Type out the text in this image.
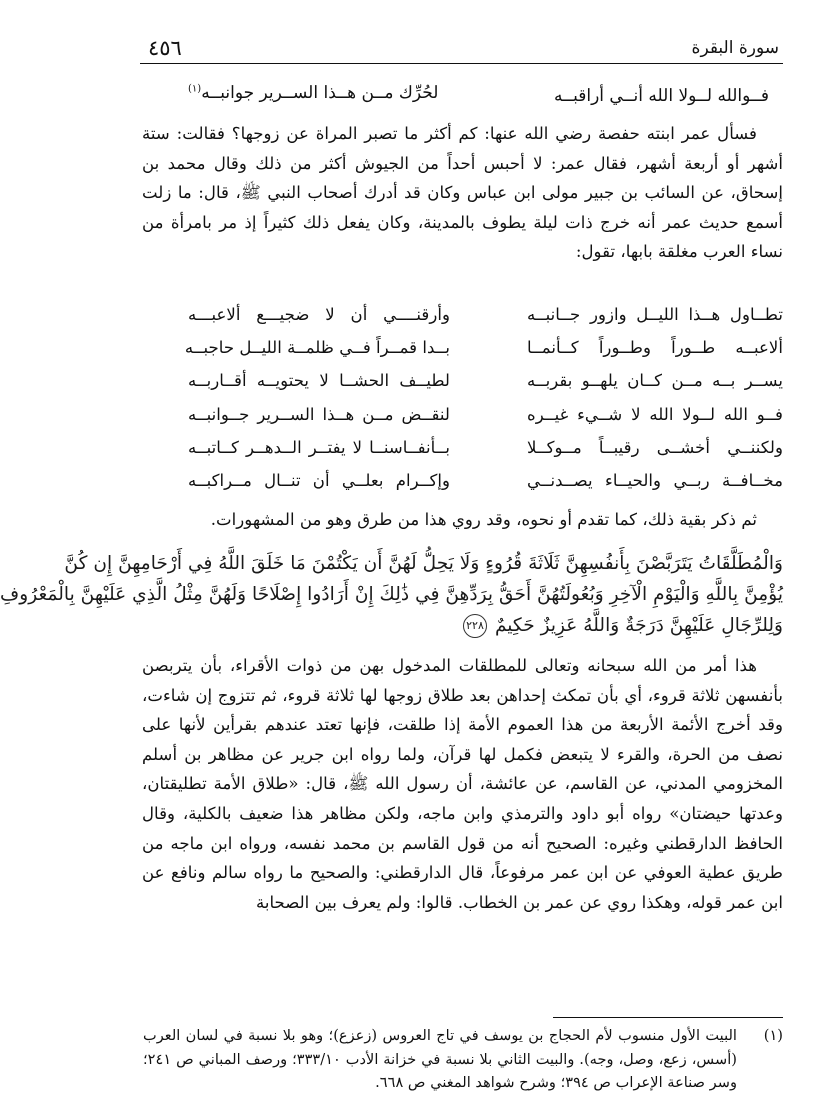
سورة البقرة
٤٥٦
فــوالله لــولا الله أنــي أراقبــه
لحُرِّك مــن هــذا الســرير جوانبــه$^{(١)}$

فسأل عمر ابنته حفصة رضي الله عنها: كم أكثر ما تصبر المراة عن زوجها؟ فقالت: ستة أشهر أو أربعة أشهر، فقال عمر: لا أحبس أحداً من الجيوش أكثر من ذلك وقال محمد بن إسحاق، عن السائب بن جبير مولى ابن عباس وكان قد أدرك أصحاب النبي ﷺ، قال: ما زلت أسمع حديث عمر أنه خرج ذات ليلة يطوف بالمدينة، وكان يفعل ذلك كثيراً إذ مر بامرأة من نساء العرب مغلقة بابها، تقول:

تطــاول هــذا الليــل وازور جــانبــه
وأرقنــــي أن لا ضجيـــع ألاعبـــه
ألاعبــه طــوراً وطــوراً كــأنمــا
بــدا قمــراً فــي ظلمــة الليــل حاجبــه
يســر بــه مــن كــان يلهــو بقربــه
لطيــف الحشــا لا يحتويــه أقــاربــه
فــو الله لــولا الله لا شــيء غيــره
لنقــض مــن هــذا الســرير جــوانبــه
ولكننــي أخشــى رقيبــاً مــوكــلا
بــأنفــاسنــا لا يفتــر الــدهــر كــاتبــه
مخــافــة ربــي والحيــاء يصــدنــي
وإكــرام بعلــي أن تنــال مــراكبــه

ثم ذكر بقية ذلك، كما تقدم أو نحوه، وقد روي هذا من طرق وهو من المشهورات.

وَالْمُطَلَّقَاتُ يَتَرَبَّصْنَ بِأَنفُسِهِنَّ ثَلَاثَةَ قُرُوءٍ وَلَا يَحِلُّ لَهُنَّ أَن يَكْتُمْنَ مَا خَلَقَ اللَّهُ فِي أَرْحَامِهِنَّ إِن كُنَّ
يُؤْمِنَّ بِاللَّهِ وَالْيَوْمِ الْآخِرِ وَبُعُولَتُهُنَّ أَحَقُّ بِرَدِّهِنَّ فِي ذَٰلِكَ إِنْ أَرَادُوا إِصْلَاحًا وَلَهُنَّ مِثْلُ الَّذِي عَلَيْهِنَّ بِالْمَعْرُوفِ
وَلِلرِّجَالِ عَلَيْهِنَّ دَرَجَةٌ وَاللَّهُ عَزِيزٌ حَكِيمٌ ٢٢٨

هذا أمر من الله سبحانه وتعالى للمطلقات المدخول بهن من ذوات الأقراء، بأن يتربصن بأنفسهن ثلاثة قروء، أي بأن تمكث إحداهن بعد طلاق زوجها لها ثلاثة قروء، ثم تتزوج إن شاءت، وقد أخرج الأئمة الأربعة من هذا العموم الأمة إذا طلقت، فإنها تعتد عندهم بقرأين لأنها على نصف من الحرة، والقرء لا يتبعض فكمل لها قرآن، ولما رواه ابن جرير عن مظاهر بن أسلم المخزومي المدني، عن القاسم، عن عائشة، أن رسول الله ﷺ، قال: «طلاق الأمة تطليقتان، وعدتها حيضتان» رواه أبو داود والترمذي وابن ماجه، ولكن مظاهر هذا ضعيف بالكلية، وقال الحافظ الدارقطني وغيره: الصحيح أنه من قول القاسم بن محمد نفسه، ورواه ابن ماجه من طريق عطية العوفي عن ابن عمر مرفوعاً، قال الدارقطني: والصحيح ما رواه سالم ونافع عن ابن عمر قوله، وهكذا روي عن عمر بن الخطاب. قالوا: ولم يعرف بين الصحابة

(١)
البيت الأول منسوب لأم الحجاج بن يوسف في تاج العروس (زعزع)؛ وهو بلا نسبة في لسان العرب (أسس، زعع، وصل، وجه). والبيت الثاني بلا نسبة في خزانة الأدب ٣٣٣/١٠؛ ورصف المباني ص ٢٤١؛ وسر صناعة الإعراب ص ٣٩٤؛ وشرح شواهد المغني ص ٦٦٨.
